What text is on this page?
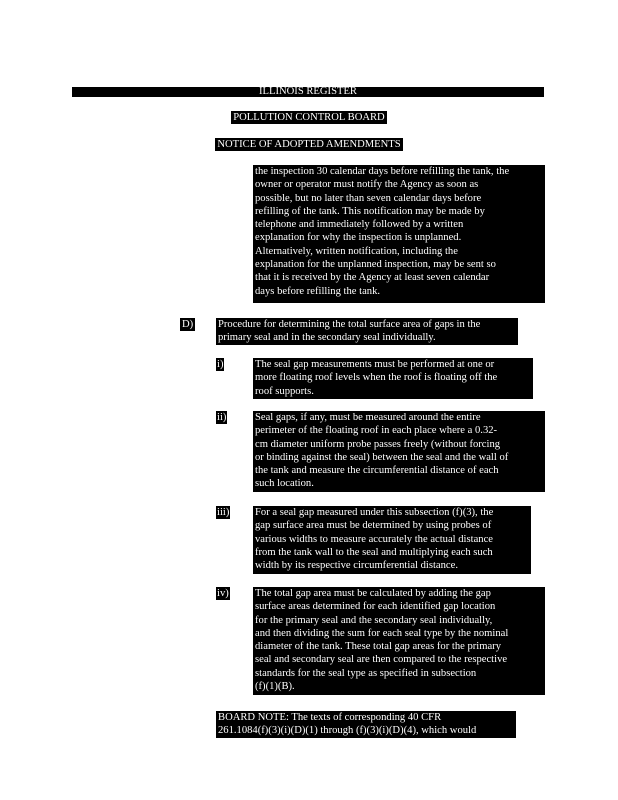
ILLINOIS REGISTER
POLLUTION CONTROL BOARD
NOTICE OF ADOPTED AMENDMENTS
the inspection 30 calendar days before refilling the tank, the
owner or operator must notify the Agency as soon as
possible, but no later than seven calendar days before
refilling of the tank. This notification may be made by
telephone and immediately followed by a written
explanation for why the inspection is unplanned.
Alternatively, written notification, including the
explanation for the unplanned inspection, may be sent so
that it is received by the Agency at least seven calendar
days before refilling the tank.
D) Procedure for determining the total surface area of gaps in the
primary seal and in the secondary seal individually.
i)	The seal gap measurements must be performed at one or
more floating roof levels when the roof is floating off the
roof supports.
ii)	Seal gaps, if any, must be measured around the entire
perimeter of the floating roof in each place where a 0.32-
cm diameter uniform probe passes freely (without forcing
or binding against the seal) between the seal and the wall of
the tank and measure the circumferential distance of each
such location.
iii) For a seal gap measured under this subsection (f)(3), the
gap surface area must be determined by using probes of
various widths to measure accurately the actual distance
from the tank wall to the seal and multiplying each such
width by its respective circumferential distance.
iv) The total gap area must be calculated by adding the gap
surface areas determined for each identified gap location
for the primary seal and the secondary seal individually,
and then dividing the sum for each seal type by the nominal
diameter of the tank. These total gap areas for the primary
seal and secondary seal are then compared to the respective
standards for the seal type as specified in subsection
(f)(1)(B).
BOARD NOTE: The texts of corresponding 40 CFR
261.1084(f)(3)(i)(D)(1) through (f)(3)(i)(D)(4), which would
